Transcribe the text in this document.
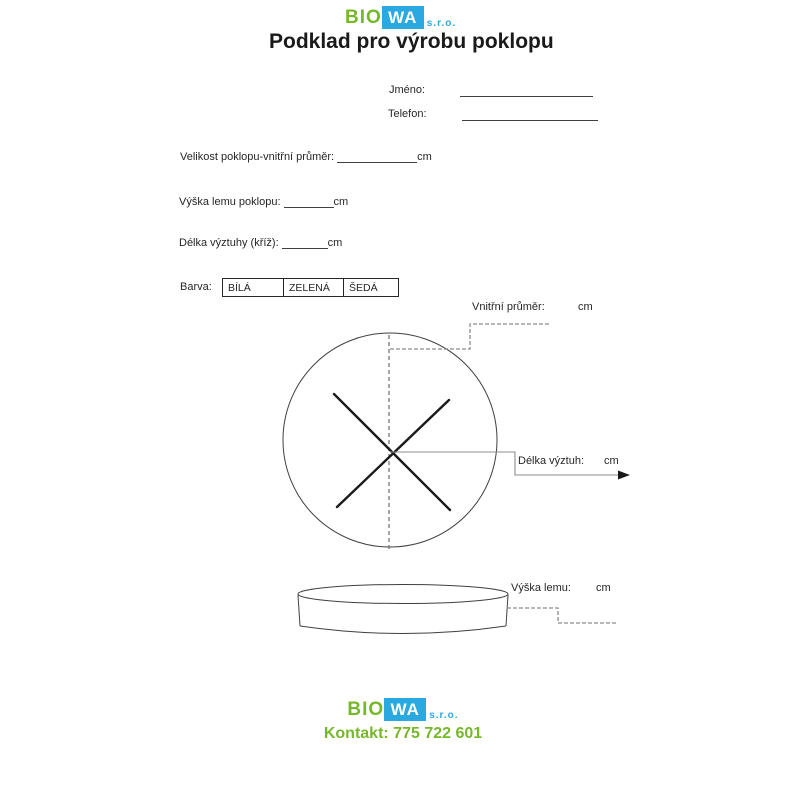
BIO WA s.r.o.
Podklad pro výrobu poklopu
Jméno:
Telefon:
Velikost poklopu-vnitřní průměr:	cm
Výška lemu poklopu:	cm
Délka výztuhy (kříž):	cm
Barva:	BÍLÁ	ZELENÁ	ŠEDÁ
Vnitřní průměr:	cm
Délka výztuh: cm
Výška lemu: cm
BIO WA s.r.o.
Kontakt: 775 722 601
